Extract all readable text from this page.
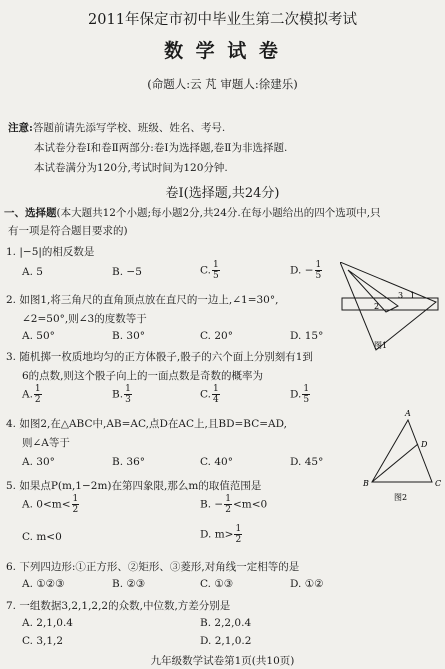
2011年保定市初中毕业生第二次模拟考试
数 学 试 卷
(命题人:云 芃 审题人:徐建乐)
注意:答题前请先添写学校、班级、姓名、考号.
本试卷分卷Ⅰ和卷Ⅱ两部分:卷Ⅰ为选择题,卷Ⅱ为非选择题.
本试卷满分为120分,考试时间为120分钟.
卷Ⅰ(选择题,共24分)
一、选择题(本大题共12个小题;每小题2分,共24分.在每小题给出的四个选项中,只
有一项是符合题目要求的)
1. |−5|的相反数是
A. 5	B. −5	C. $\frac{1}{5}$	D. − $\frac{1}{5}$
2. 如图1,将三角尺的直角顶点放在直尺的一边上,∠1=30°,
∠2=50°,则∠3的度数等于
A. 50°	B. 30°	C. 20°	D. 15°
2
3 1
图1
3. 随机掷一枚质地均匀的正方体骰子,骰子的六个面上分别刻有1到
6的点数,则这个骰子向上的一面点数是奇数的概率为
A. $\frac{1}{2}$	B. $\frac{1}{3}$	C. $\frac{1}{4}$	D. $\frac{1}{5}$
4. 如图2,在△ABC中,AB=AC,点D在AC上,且BD=BC=AD,
则∠A等于
A. 30°	B. 36°	C. 40°	D. 45°
A
B	C
D
图2
5. 如果点P(m,1−2m)在第四象限,那么m的取值范围是
A. $0<m< \frac{1}{2}$	B. − $\frac{1}{2} <m<0$
C. m<0	D. $m> \frac{1}{2}$
6. 下列四边形:①正方形、②矩形、③菱形,对角线一定相等的是
A. ①②③	B. ②③	C. ①③	D. ①②
7. 一组数据3,2,1,2,2的众数,中位数,方差分别是
A. 2,1,0.4	B. 2,2,0.4
C. 3,1,2	D. 2,1,0.2
九年级数学试卷第1页(共10页)
